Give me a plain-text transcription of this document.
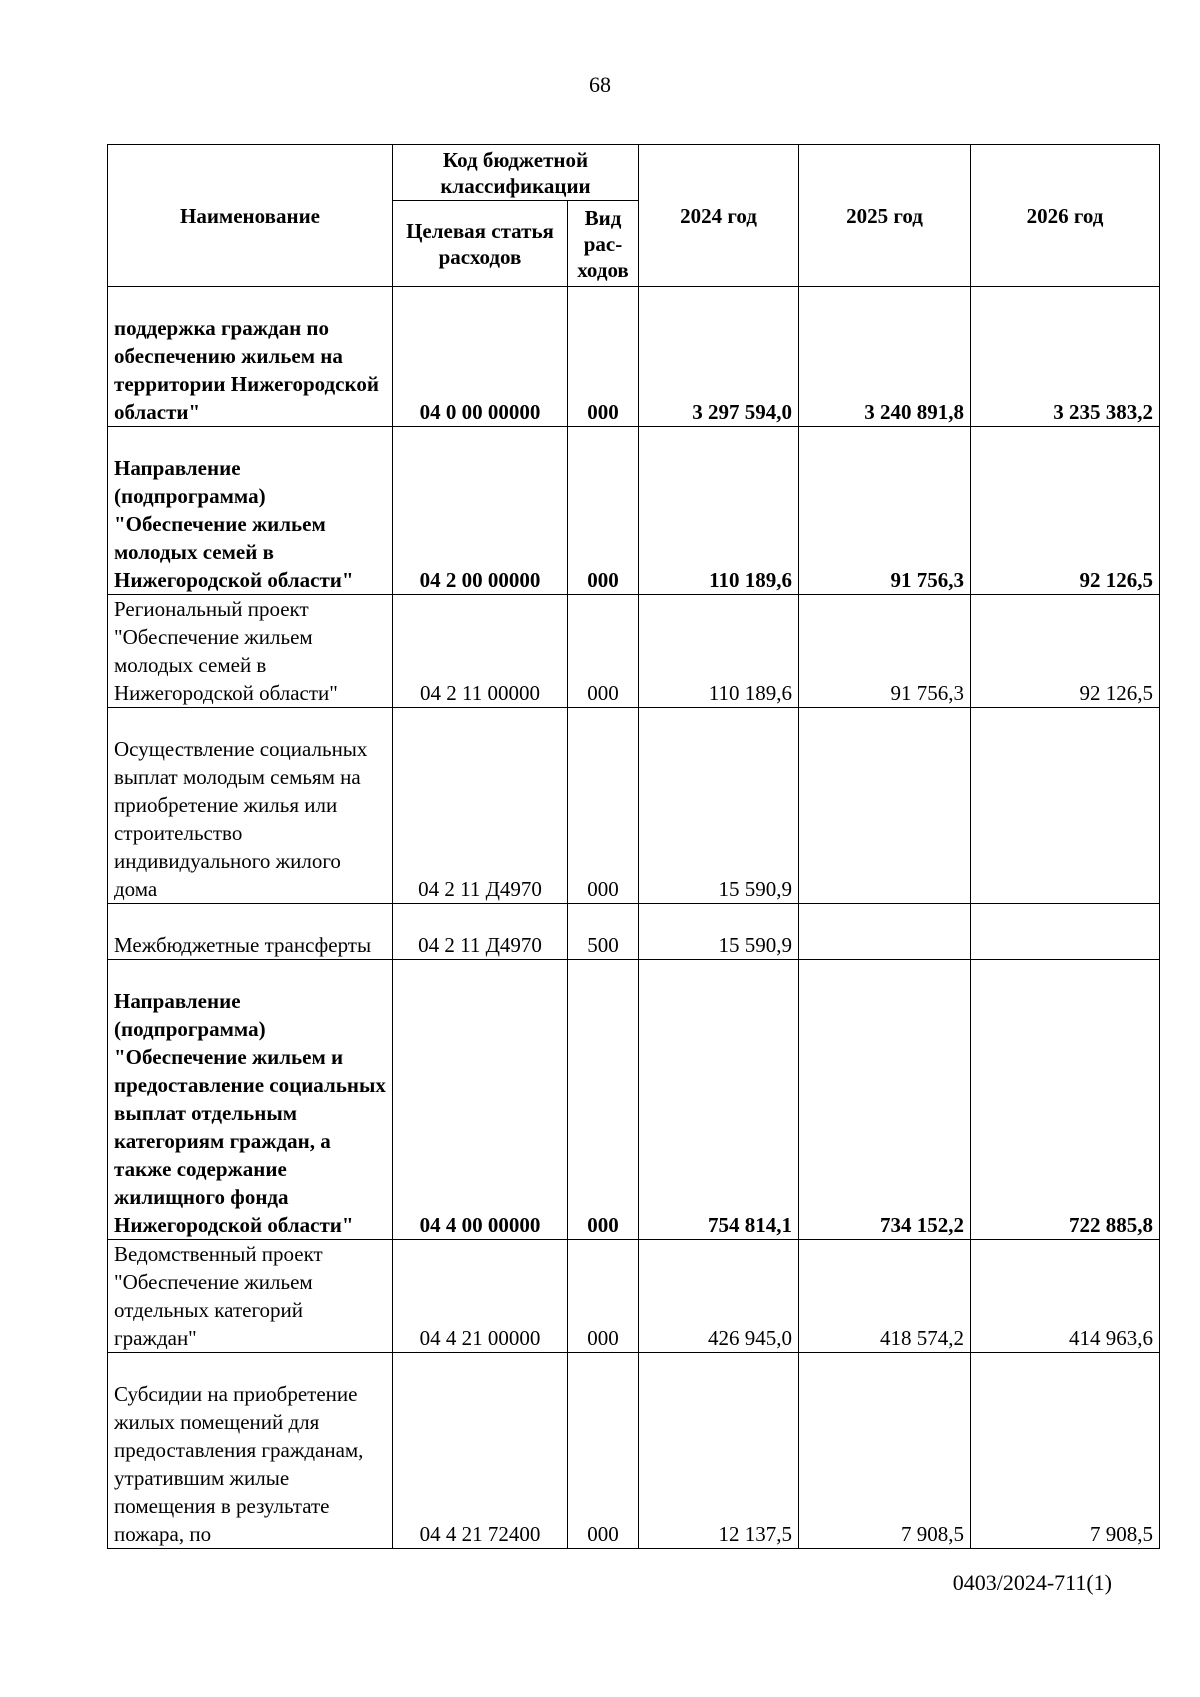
68
Наименование	Код бюджетной классификации		2024 год	2025 год	2026 год
	Целевая статья расходов	Вид рас-ходов			
поддержка граждан по обеспечению жильем на территории Нижегородской области"	04 0 00 00000	000	3 297 594,0	3 240 891,8	3 235 383,2
Направление (подпрограмма) "Обеспечение жильем молодых семей в Нижегородской области"	04 2 00 00000	000	110 189,6	91 756,3	92 126,5
Региональный проект "Обеспечение жильем молодых семей в Нижегородской области"	04 2 11 00000	000	110 189,6	91 756,3	92 126,5
Осуществление социальных выплат молодым семьям на приобретение жилья или строительство индивидуального жилого дома	04 2 11 Д4970	000	15 590,9		
Межбюджетные трансферты	04 2 11 Д4970	500	15 590,9		
Направление (подпрограмма) "Обеспечение жильем и предоставление социальных выплат отдельным категориям граждан, а также содержание жилищного фонда Нижегородской области"	04 4 00 00000	000	754 814,1	734 152,2	722 885,8
Ведомственный проект "Обеспечение жильем отдельных категорий граждан"	04 4 21 00000	000	426 945,0	418 574,2	414 963,6
Субсидии на приобретение жилых помещений для предоставления гражданам, утратившим жилые помещения в результате пожара, по	04 4 21 72400	000	12 137,5	7 908,5	7 908,5
0403/2024-711(1)
